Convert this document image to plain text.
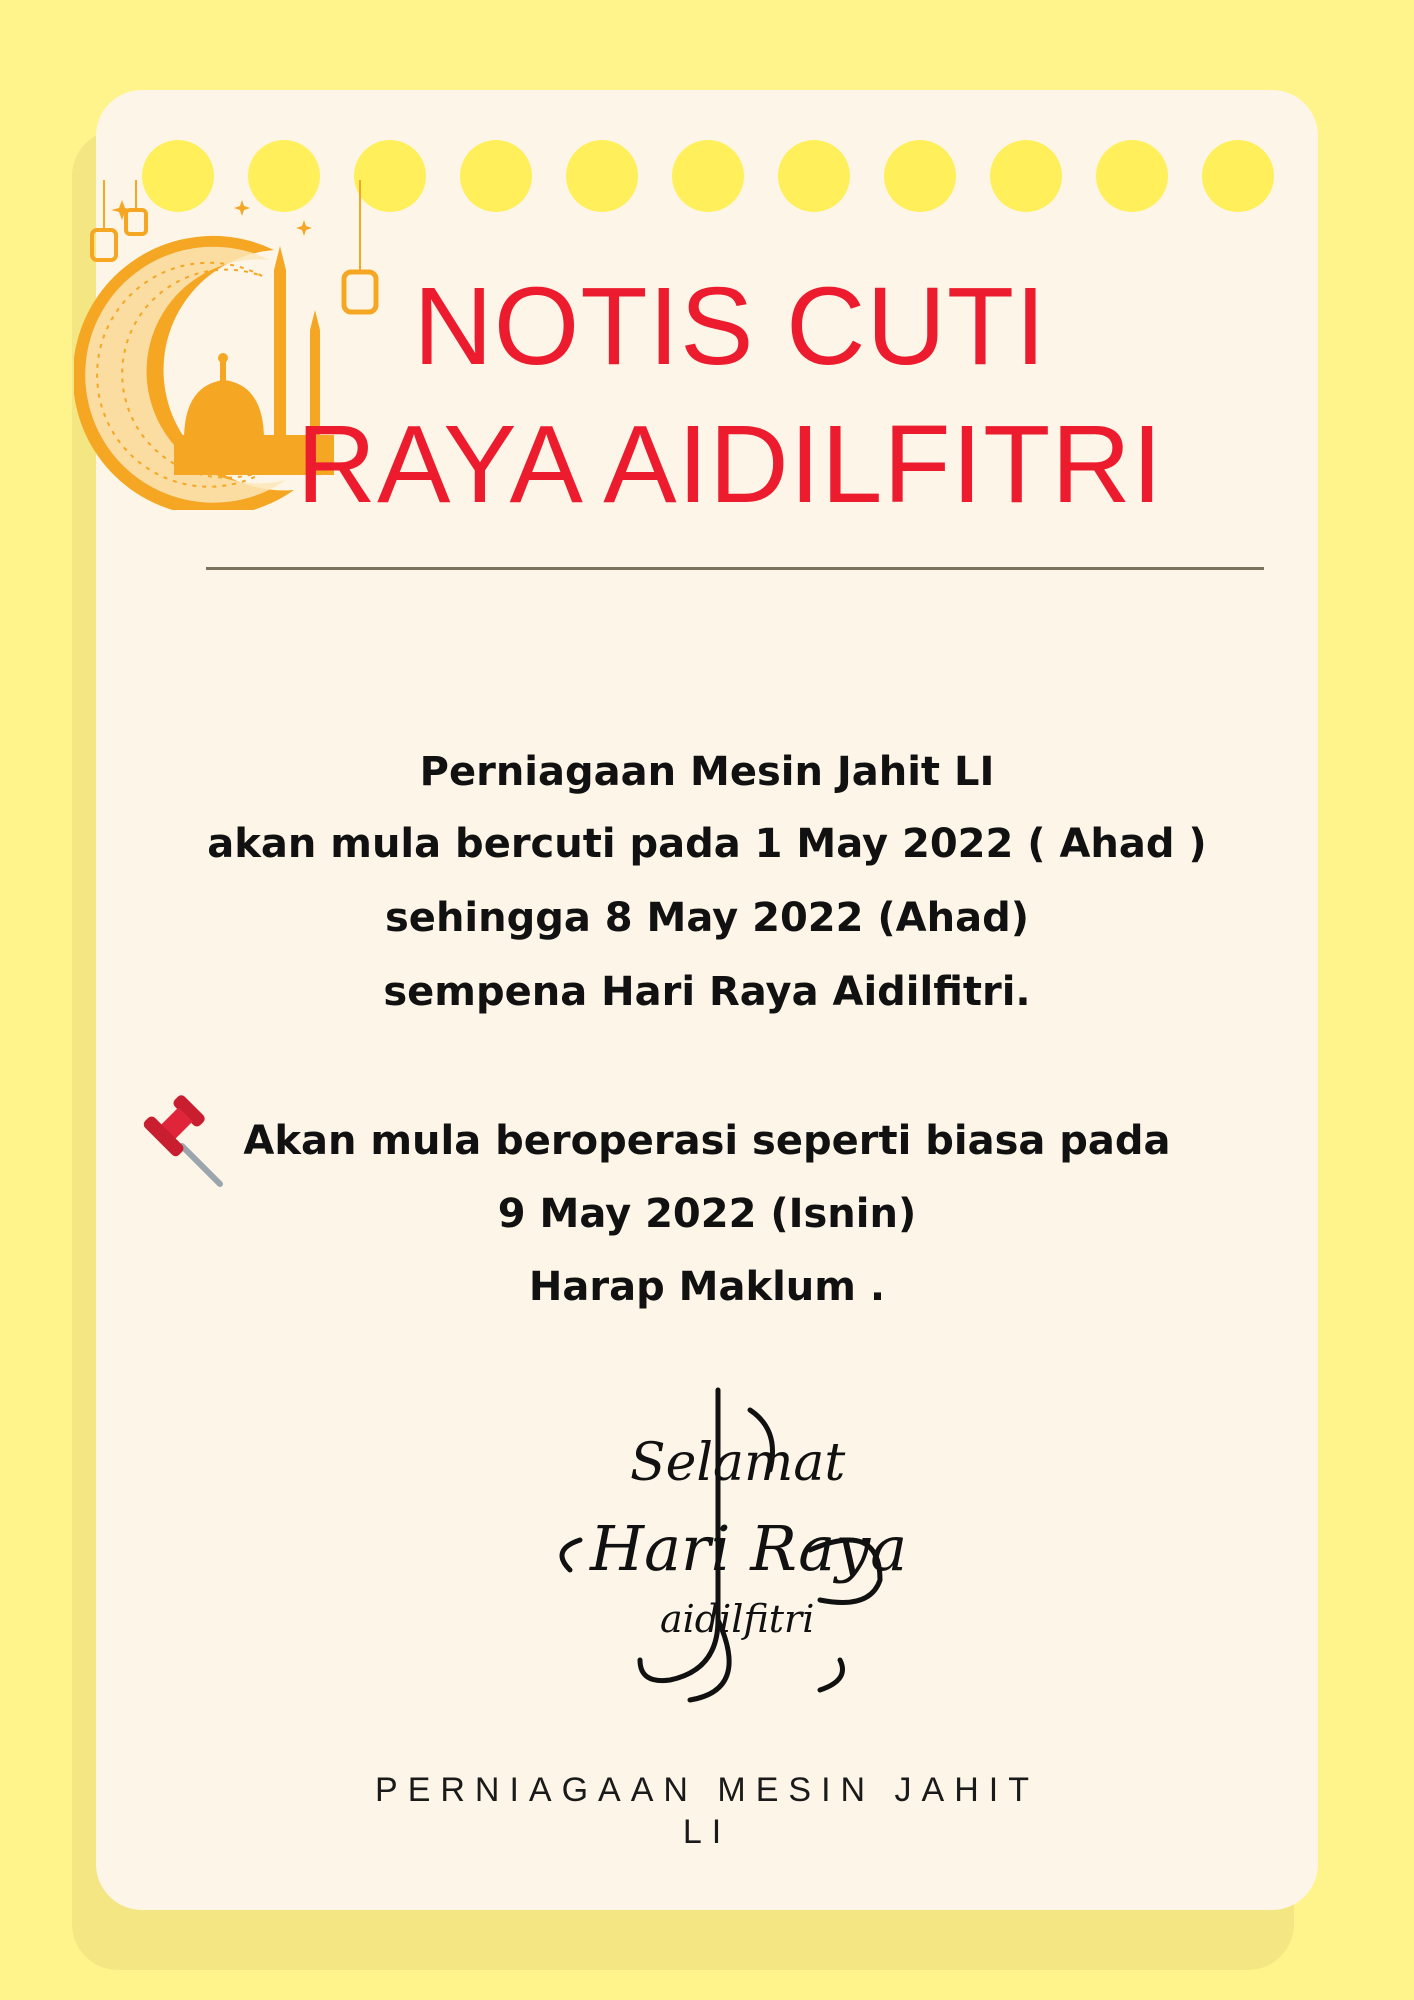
NOTIS CUTI
RAYA AIDILFITRI
Perniagaan Mesin Jahit LI
akan mula bercuti pada 1 May 2022 ( Ahad )
sehingga 8 May 2022 (Ahad)
sempena Hari Raya Aidilfitri.
Akan mula beroperasi seperti biasa pada
9 May 2022 (Isnin)
Harap Maklum .
Selamat
Hari Raya
aidilfitri
PERNIAGAAN MESIN JAHIT
LI
